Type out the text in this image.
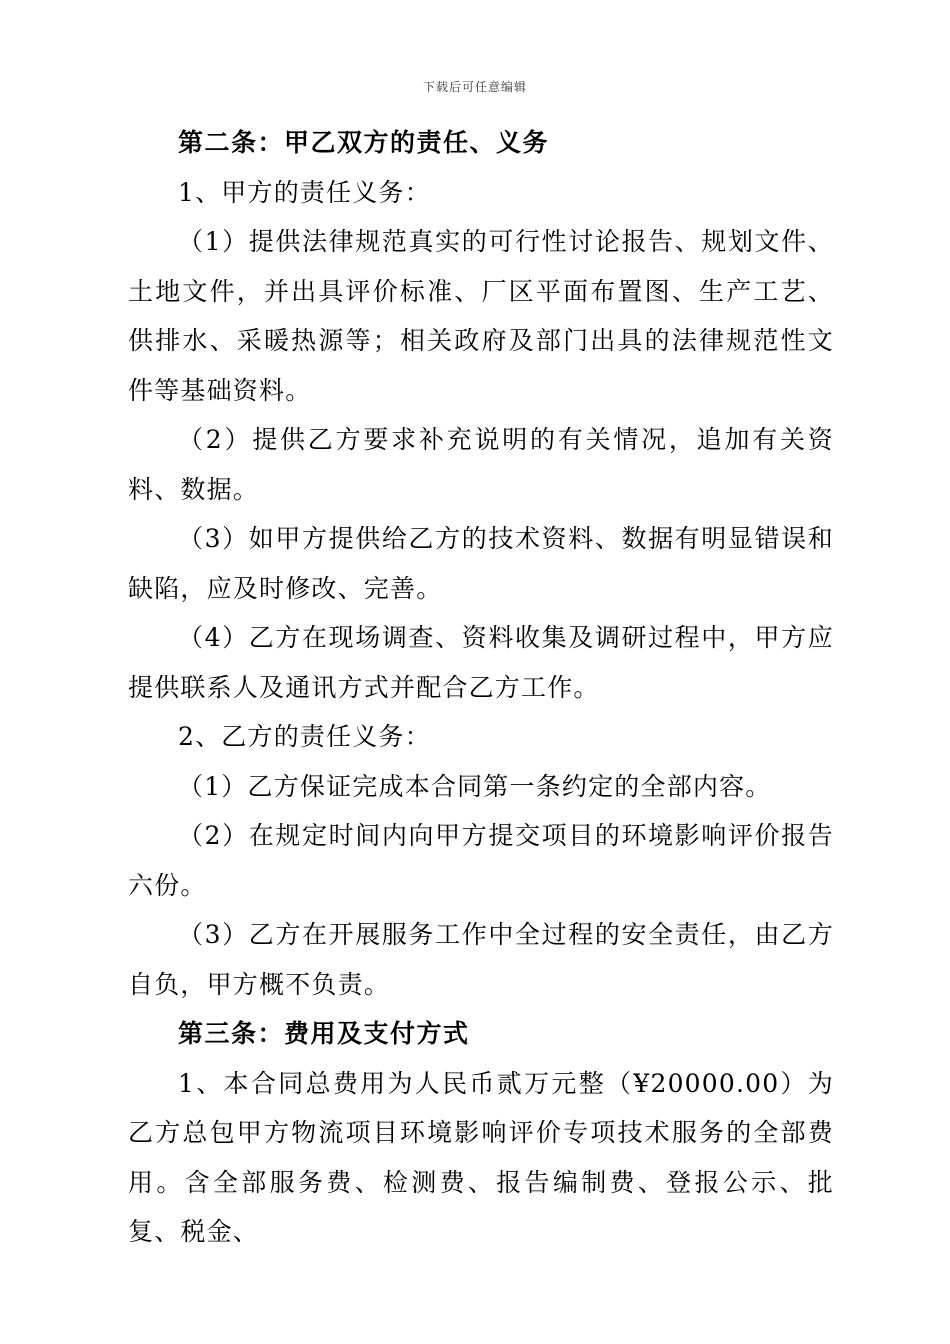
下载后可任意编辑

第二条：甲乙双方的责任、义务

1、甲方的责任义务：

（1）提供法律规范真实的可行性讨论报告、规划文件、土地文件，并出具评价标准、厂区平面布置图、生产工艺、供排水、采暖热源等；相关政府及部门出具的法律规范性文件等基础资料。

（2）提供乙方要求补充说明的有关情况，追加有关资料、数据。

（3）如甲方提供给乙方的技术资料、数据有明显错误和缺陷，应及时修改、完善。

（4）乙方在现场调查、资料收集及调研过程中，甲方应提供联系人及通讯方式并配合乙方工作。

2、乙方的责任义务：

（1）乙方保证完成本合同第一条约定的全部内容。

（2）在规定时间内向甲方提交项目的环境影响评价报告六份。

（3）乙方在开展服务工作中全过程的安全责任，由乙方自负，甲方概不负责。

第三条：费用及支付方式

1、本合同总费用为人民币贰万元整（¥20000.00）为乙方总包甲方物流项目环境影响评价专项技术服务的全部费用。含全部服务费、检测费、报告编制费、登报公示、批复、税金、
